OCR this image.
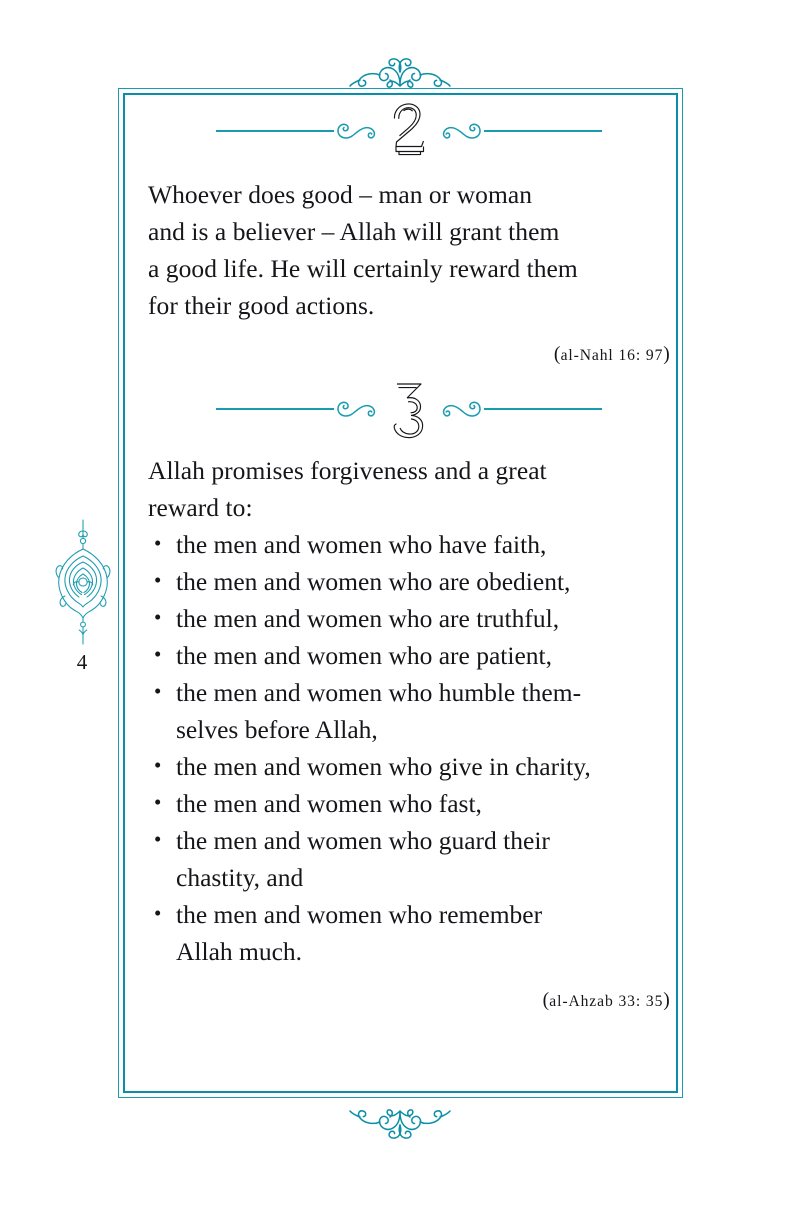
4

Whoever does good – man or woman
and is a believer – Allah will grant them
a good life. He will certainly reward them
for their good actions.

(al-Nahl 16: 97)

Allah promises forgiveness and a great
reward to:

• the men and women who have faith,
• the men and women who are obedient,
• the men and women who are truthful,
• the men and women who are patient,
• the men and women who humble them-
selves before Allah,
• the men and women who give in charity,
• the men and women who fast,
• the men and women who guard their
chastity, and
• the men and women who remember
Allah much.
(al-Ahzab 33: 35)
